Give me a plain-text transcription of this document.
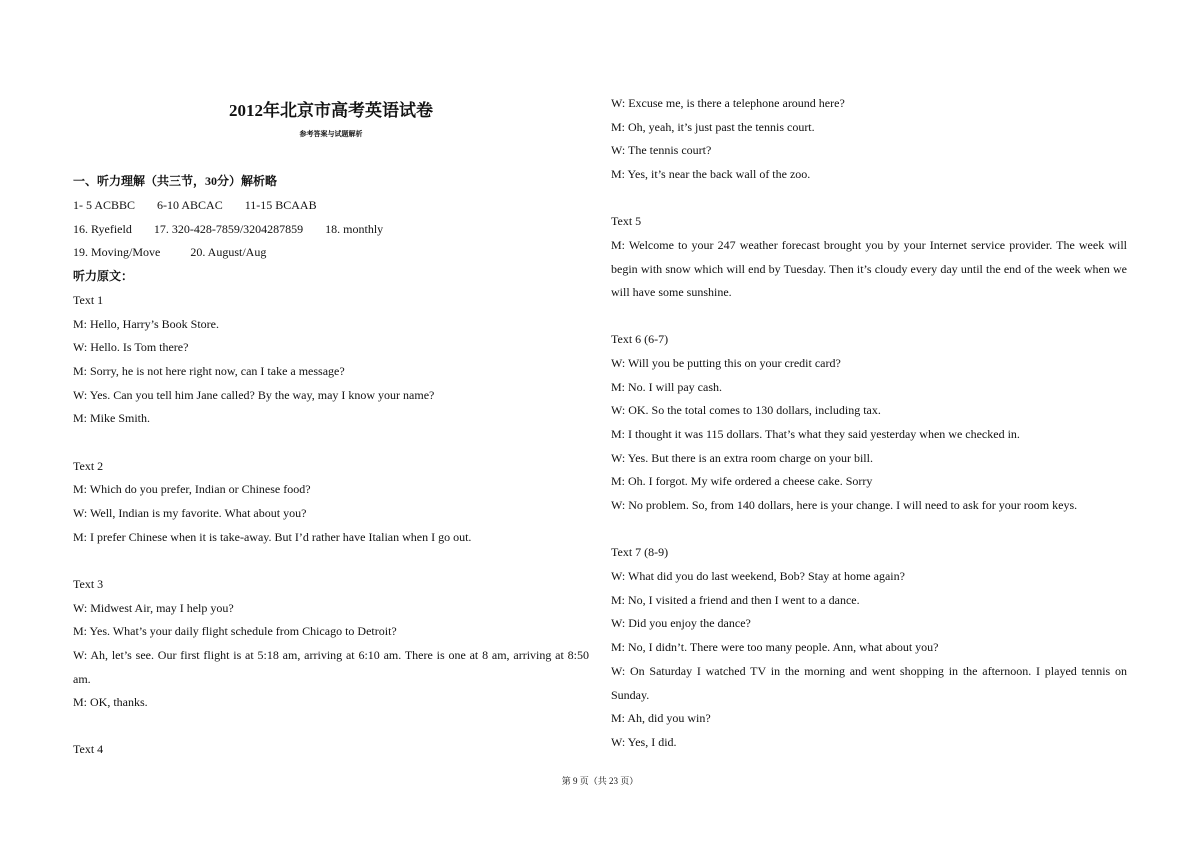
2012年北京市高考英语试卷
参考答案与试题解析
一、听力理解（共三节，30分）解析略
1- 5 ACBBC 6-10 ABCAC 11-15 BCAAB
16. Ryefield 17. 320-428-7859/3204287859 18. monthly
19. Moving/Move	20. August/Aug
听力原文：
Text 1
M: Hello, Harry’s Book Store.
W: Hello. Is Tom there?
M: Sorry, he is not here right now, can I take a message?
W: Yes. Can you tell him Jane called? By the way, may I know your name?
M: Mike Smith.
Text 2
M: Which do you prefer, Indian or Chinese food?
W: Well, Indian is my favorite. What about you?
M: I prefer Chinese when it is take-away. But I’d rather have Italian when I go out.
Text 3
W: Midwest Air, may I help you?
M: Yes. What’s your daily flight schedule from Chicago to Detroit?
W: Ah, let’s see. Our first flight is at 5:18 am, arriving at 6:10 am. There is one at 8 am, arriving at 8:50 am.
M: OK, thanks.
Text 4
W: Excuse me, is there a telephone around here?
M: Oh, yeah, it’s just past the tennis court.
W: The tennis court?
M: Yes, it’s near the back wall of the zoo.
Text 5
M: Welcome to your 247 weather forecast brought you by your Internet service provider. The week will begin with snow which will end by Tuesday. Then it’s cloudy every day until the end of the week when we will have some sunshine.
Text 6 (6-7)
W: Will you be putting this on your credit card?
M: No. I will pay cash.
W: OK. So the total comes to 130 dollars, including tax.
M: I thought it was 115 dollars. That’s what they said yesterday when we checked in.
W: Yes. But there is an extra room charge on your bill.
M: Oh. I forgot. My wife ordered a cheese cake. Sorry
W: No problem. So, from 140 dollars, here is your change. I will need to ask for your room keys.
Text 7 (8-9)
W: What did you do last weekend, Bob? Stay at home again?
M: No, I visited a friend and then I went to a dance.
W: Did you enjoy the dance?
M: No, I didn’t. There were too many people. Ann, what about you?
W: On Saturday I watched TV in the morning and went shopping in the afternoon. I played tennis on Sunday.
M: Ah, did you win?
W: Yes, I did.
第 9 页（共 23 页）
